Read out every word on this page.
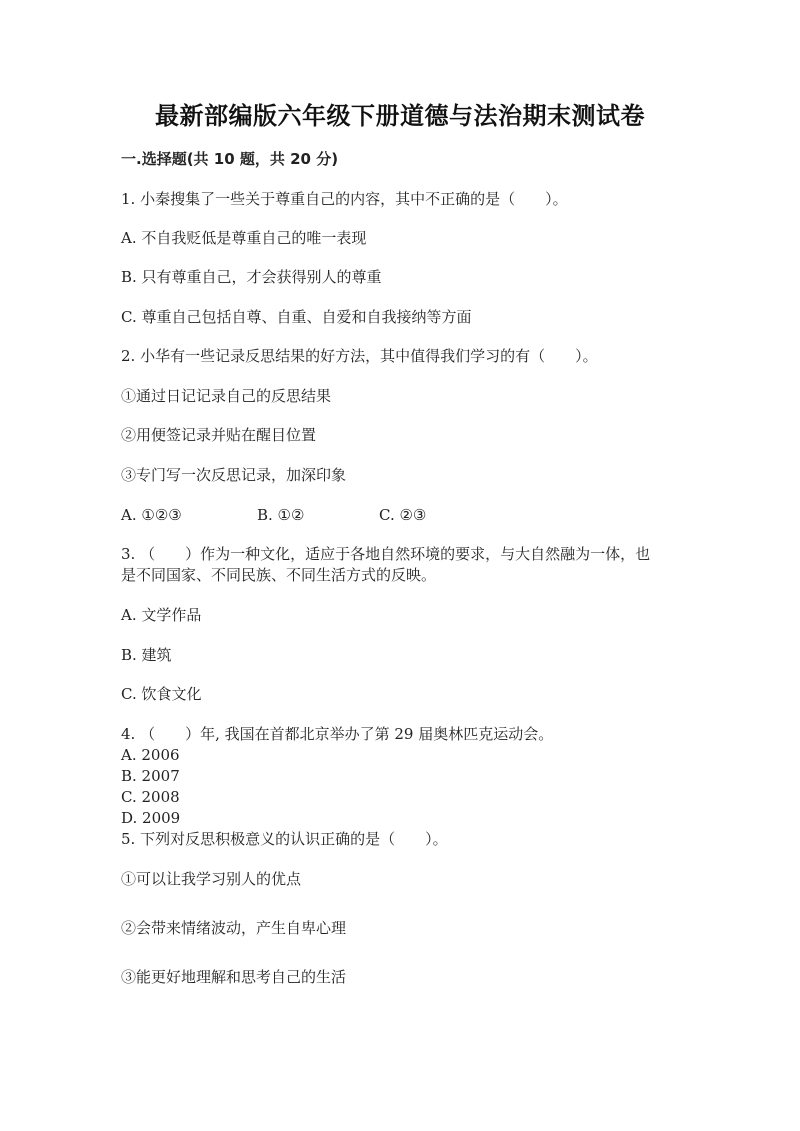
最新部编版六年级下册道德与法治期末测试卷
一.选择题(共 10 题，共 20 分)
1. 小秦搜集了一些关于尊重自己的内容，其中不正确的是（　　）。
A. 不自我贬低是尊重自己的唯一表现
B. 只有尊重自己，才会获得别人的尊重
C. 尊重自己包括自尊、自重、自爱和自我接纳等方面
2. 小华有一些记录反思结果的好方法，其中值得我们学习的有（　　）。
①通过日记记录自己的反思结果
②用便签记录并贴在醒目位置
③专门写一次反思记录，加深印象
A. ①②③	B. ①②	C. ②③
3. （　　）作为一种文化，适应于各地自然环境的要求，与大自然融为一体，也是不同国家、不同民族、不同生活方式的反映。
A. 文学作品
B. 建筑
C. 饮食文化
4. （　　）年, 我国在首都北京举办了第 29 届奥林匹克运动会。
A. 2006
B. 2007
C. 2008
D. 2009
5. 下列对反思积极意义的认识正确的是（　　）。
①可以让我学习别人的优点
②会带来情绪波动，产生自卑心理
③能更好地理解和思考自己的生活
